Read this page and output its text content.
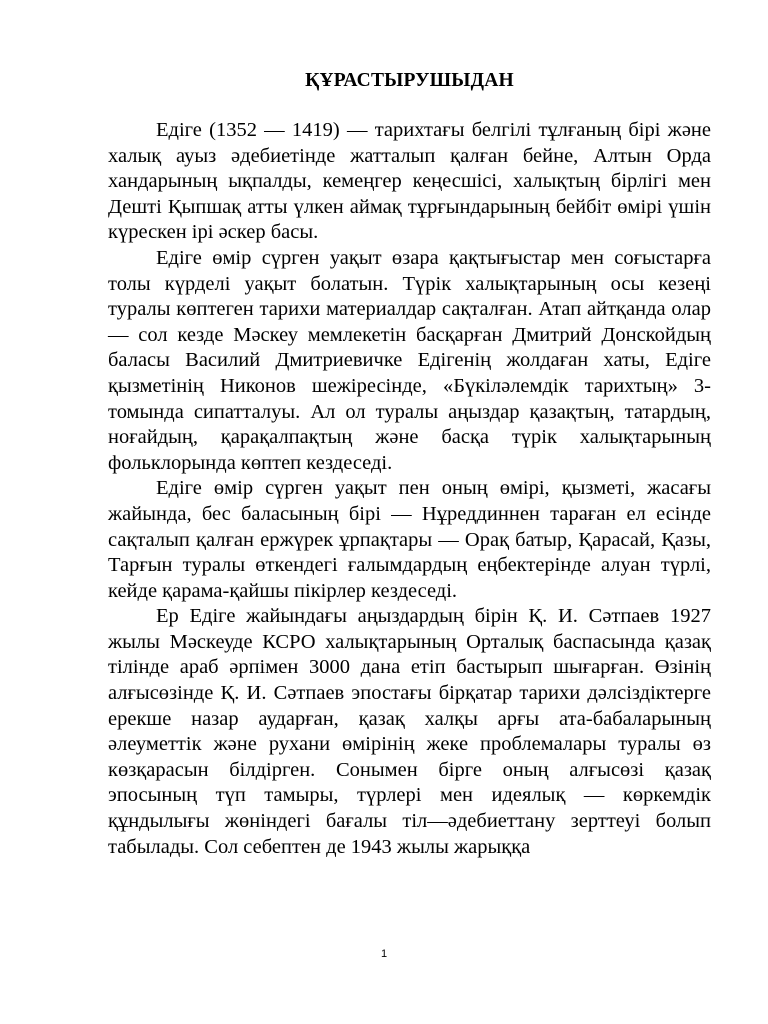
ҚҰРАСТЫРУШЫДАН

Едіге (1352 — 1419) — тарихтағы белгілі тұлғаның бірі және халық ауыз әдебиетінде жатталып қалған бейне, Алтын Орда хандарының ықпалды, кемеңгер кеңесшісі, халықтың бірлігі мен Дешті Қыпшақ атты үлкен аймақ тұрғындарының бейбіт өмірі үшін күрескен ірі әскер басы.

Едіге өмір сүрген уақыт өзара қақтығыстар мен соғыстарға толы күрделі уақыт болатын. Түрік халықтарының осы кезеңі туралы көптеген тарихи материалдар сақталған. Атап айтқанда олар — сол кезде Мәскеу мемлекетін басқарған Дмитрий Донскойдың баласы Василий Дмитриевичке Едігенің жолдаған хаты, Едіге қызметінің Никонов шежіресінде, «Бүкіләлемдік тарихтың» 3-томында сипатталуы. Ал ол туралы аңыздар қазақтың, татардың, ноғайдың, қарақалпақтың және басқа түрік халықтарының фольклорында көптеп кездеседі.

Едіге өмір сүрген уақыт пен оның өмірі, қызметі, жасағы жайында, бес баласының бірі — Нұреддиннен тараған ел есінде сақталып қалған ержүрек ұрпақтары — Орақ батыр, Қарасай, Қазы, Тарғын туралы өткендегі ғалымдардың еңбектерінде алуан түрлі, кейде қарама-қайшы пікірлер кездеседі.

Ер Едіге жайындағы аңыздардың бірін Қ. И. Сәтпаев 1927 жылы Мәскеуде КСРО халықтарының Орталық баспасында қазақ тілінде араб әрпімен 3000 дана етіп бастырып шығарған. Өзінің алғысөзінде Қ. И. Сәтпаев эпостағы бірқатар тарихи дәлсіздіктерге ерекше назар аударған, қазақ халқы арғы ата-бабаларының әлеуметтік және рухани өмірінің жеке проблемалары туралы өз көзқарасын білдірген. Сонымен бірге оның алғысөзі қазақ эпосының түп тамыры, түрлері мен идеялық — көркемдік құндылығы жөніндегі бағалы тіл—әдебиеттану зерттеуі болып табылады. Сол себептен де 1943 жылы жарыққа

1
